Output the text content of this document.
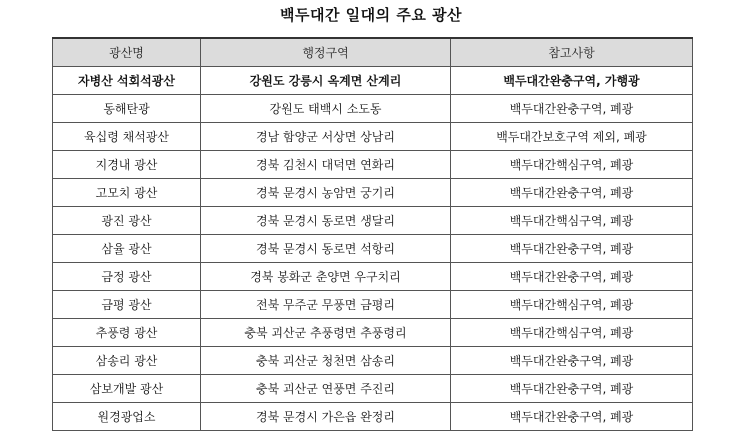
백두대간 일대의 주요 광산
광산명	행정구역	참고사항
자병산 석회석광산	강원도 강릉시 옥계면 산계리	백두대간완충구역, 가행광
동해탄광	강원도 태백시 소도동	백두대간완충구역, 폐광
육십령 채석광산	경남 함양군 서상면 상남리	백두대간보호구역 제외, 폐광
지경내 광산	경북 김천시 대덕면 연화리	백두대간핵심구역, 폐광
고모치 광산	경북 문경시 농암면 궁기리	백두대간완충구역, 폐광
광진 광산	경북 문경시 동로면 생달리	백두대간핵심구역, 폐광
삼율 광산	경북 문경시 동로면 석항리	백두대간완충구역, 폐광
금정 광산	경북 봉화군 춘양면 우구치리	백두대간완충구역, 폐광
금평 광산	전북 무주군 무풍면 금평리	백두대간핵심구역, 폐광
추풍령 광산	충북 괴산군 추풍령면 추풍령리	백두대간핵심구역, 폐광
삼송리 광산	충북 괴산군 청천면 삼송리	백두대간완충구역, 폐광
삼보개발 광산	충북 괴산군 연풍면 주진리	백두대간완충구역, 폐광
원경광업소	경북 문경시 가은읍 완정리	백두대간완충구역, 폐광
